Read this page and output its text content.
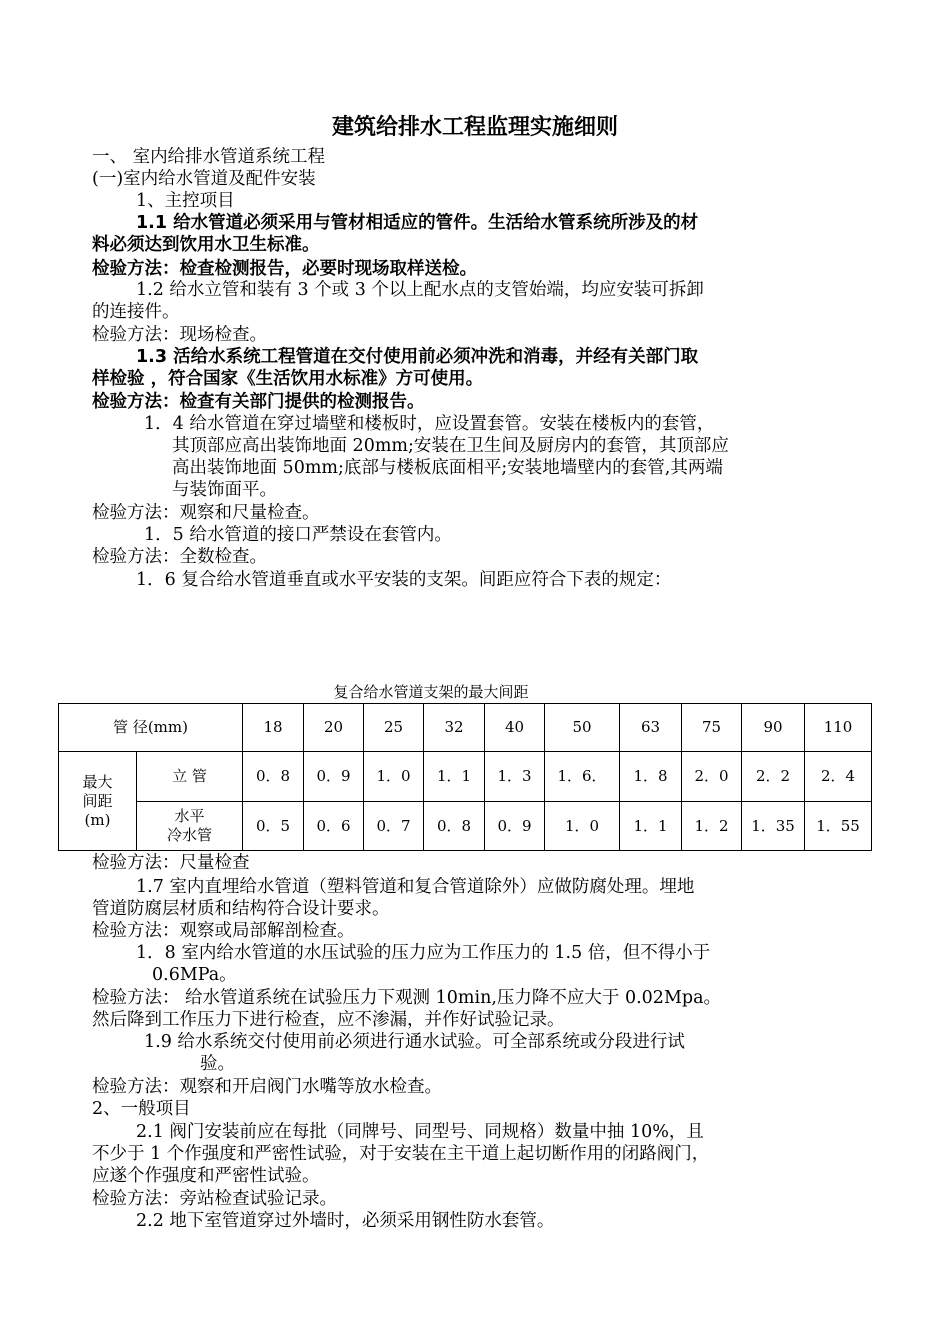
建筑给排水工程监理实施细则
一、 室内给排水管道系统工程
(一)室内给水管道及配件安装
1、主控项目
1.1 给水管道必须采用与管材相适应的管件。生活给水管系统所涉及的材
料必须达到饮用水卫生标准。
检验方法：检查检测报告，必要时现场取样送检。
1.2 给水立管和装有 3 个或 3 个以上配水点的支管始端，均应安装可拆卸
的连接件。
检验方法：现场检查。
1.3 活给水系统工程管道在交付使用前必须冲洗和消毒，并经有关部门取
样检验 ，符合国家《生活饮用水标准》方可使用。
检验方法：检查有关部门提供的检测报告。
1．4 给水管道在穿过墙壁和楼板时，应设置套管。安装在楼板内的套管，
其顶部应高出装饰地面 20mm;安装在卫生间及厨房内的套管，其顶部应
高出装饰地面 50mm;底部与楼板底面相平;安装地墙壁内的套管,其两端
与装饰面平。
检验方法：观察和尺量检查。
1．5 给水管道的接口严禁设在套管内。
检验方法：全数检查。
1．6 复合给水管道垂直或水平安装的支架。间距应符合下表的规定：
复合给水管道支架的最大间距
管 径(mm)		18	20	25	32	40	50	63	75	90	110
最大
间距
(m)	立 管	0．8	0．9	1．0	1．1	1．3	1．6．	1．8	2．0	2．2	2．4
	水平
冷水管	0．5	0．6	0．7	0．8	0．9	1．0	1．1	1．2	1．35	1．55
检验方法：尺量检查
1.7 室内直埋给水管道（塑料管道和复合管道除外）应做防腐处理。埋地
管道防腐层材质和结构符合设计要求。
检验方法：观察或局部解剖检查。
1．8 室内给水管道的水压试验的压力应为工作压力的 1.5 倍，但不得小于
0.6MPa。
检验方法： 给水管道系统在试验压力下观测 10min,压力降不应大于 0.02Mpa。
然后降到工作压力下进行检查，应不渗漏，并作好试验记录。
1.9 给水系统交付使用前必须进行通水试验。可全部系统或分段进行试
验。
检验方法：观察和开启阀门水嘴等放水检查。
2、一般项目
2.1 阀门安装前应在每批（同牌号、同型号、同规格）数量中抽 10%，且
不少于 1 个作强度和严密性试验，对于安装在主干道上起切断作用的闭路阀门，
应遂个作强度和严密性试验。
检验方法：旁站检查试验记录。
2.2 地下室管道穿过外墙时，必须采用钢性防水套管。
